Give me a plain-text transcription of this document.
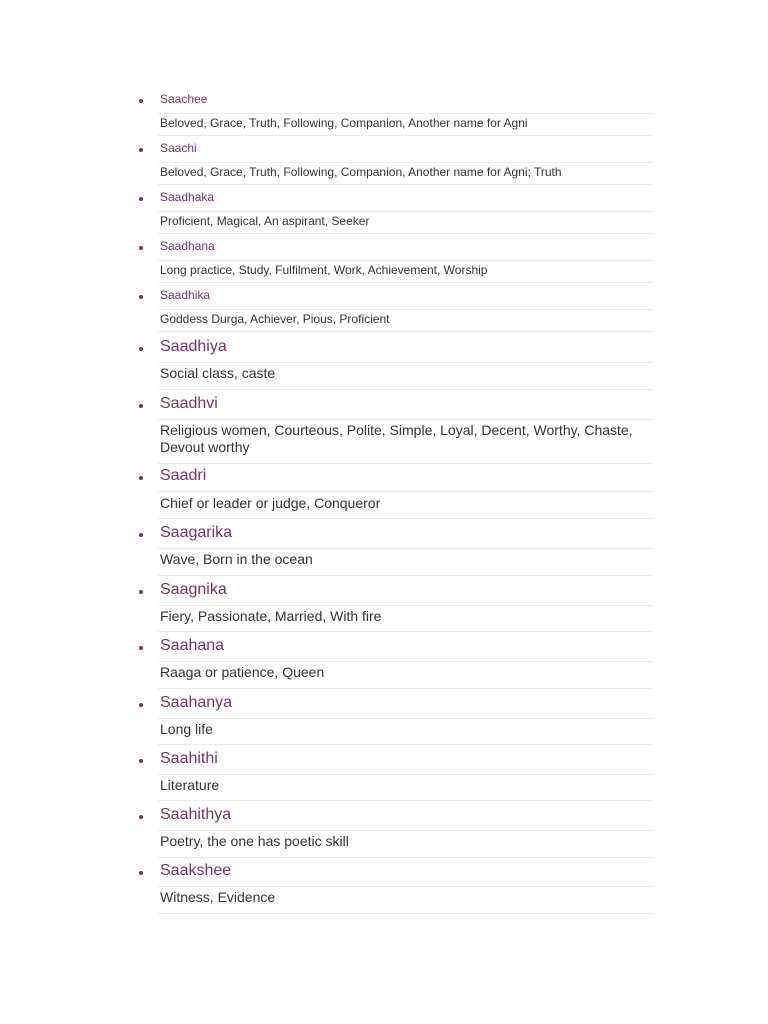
Saachee
Beloved, Grace, Truth, Following, Companion, Another name for Agni
Saachi
Beloved, Grace, Truth, Following, Companion, Another name for Agni; Truth
Saadhaka
Proficient, Magical, An aspirant, Seeker
Saadhana
Long practice, Study, Fulfilment, Work, Achievement, Worship
Saadhika
Goddess Durga, Achiever, Pious, Proficient
Saadhiya
Social class, caste
Saadhvi
Religious women, Courteous, Polite, Simple, Loyal, Decent, Worthy, Chaste, Devout worthy
Saadri
Chief or leader or judge, Conqueror
Saagarika
Wave, Born in the ocean
Saagnika
Fiery, Passionate, Married, With fire
Saahana
Raaga or patience, Queen
Saahanya
Long life
Saahithi
Literature
Saahithya
Poetry, the one has poetic skill
Saakshee
Witness, Evidence
